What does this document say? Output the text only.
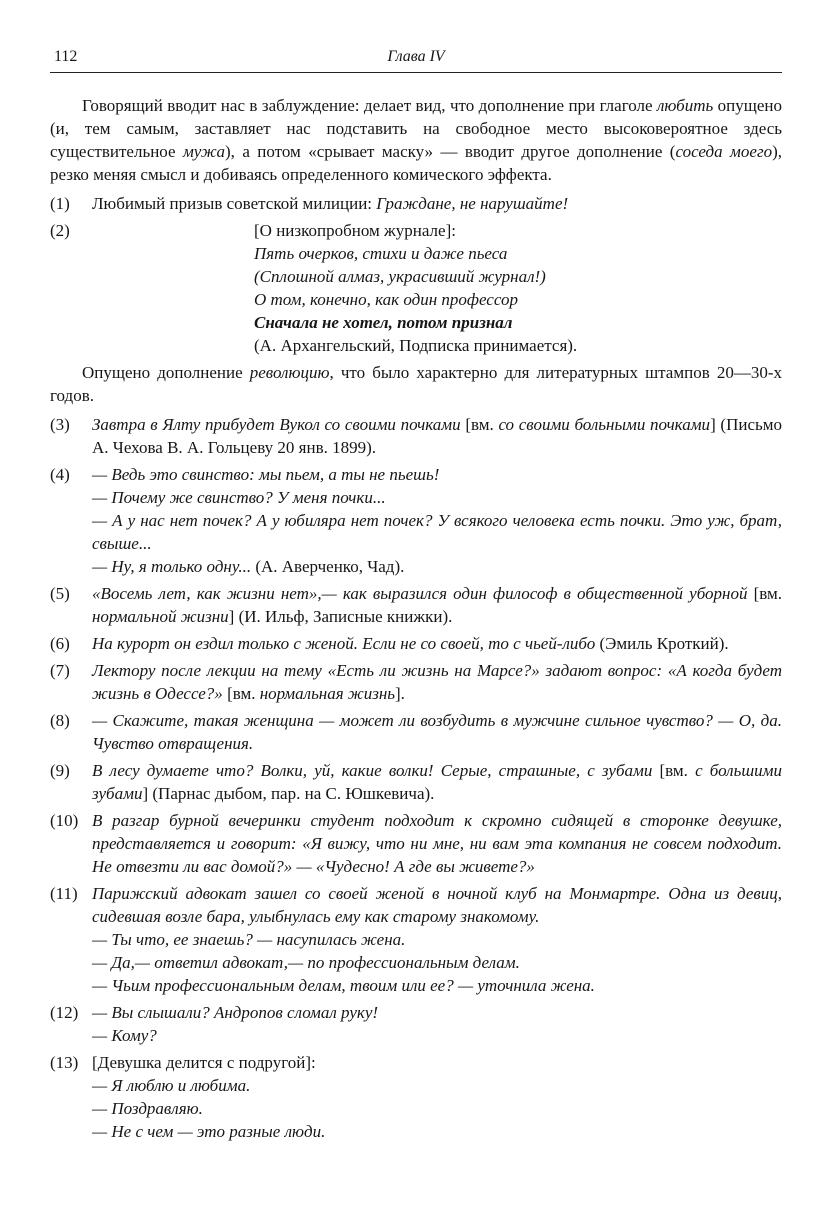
112	Глава IV

Говорящий вводит нас в заблуждение: делает вид, что дополнение при глаголе любить опущено (и, тем самым, заставляет нас подставить на свободное место высоковероятное здесь существительное мужа), а потом «срывает маску» — вводит другое дополнение (соседа моего), резко меняя смысл и добиваясь определенного комического эффекта.

(1)	Любимый призыв советской милиции: Граждане, не нарушайте!
(2)	[О низкопробном журнале]:
Пять очерков, стихи и даже пьеса
(Сплошной алмаз, украсивший журнал!)
О том, конечно, как один профессор
Сначала не хотел, потом признал
(А. Архангельский, Подписка принимается).

Опущено дополнение революцию, что было характерно для литературных штампов 20—30-х годов.

(3)	Завтра в Ялту прибудет Вукол со своими почками [вм. со своими больными почками] (Письмо А. Чехова В. А. Гольцеву 20 янв. 1899).
(4)	— Ведь это свинство: мы пьем, а ты не пьешь!
— Почему же свинство? У меня почки...
— А у нас нет почек? А у юбиляра нет почек? У всякого человека есть почки. Это уж, брат, свыше...
— Ну, я только одну... (А. Аверченко, Чад).
(5)	«Восемь лет, как жизни нет»,— как выразился один философ в общественной уборной [вм. нормальной жизни] (И. Ильф, Записные книжки).
(6)	На курорт он ездил только с женой. Если не со своей, то с чьей-либо (Эмиль Кроткий).
(7)	Лектору после лекции на тему «Есть ли жизнь на Марсе?» задают вопрос: «А когда будет жизнь в Одессе?» [вм. нормальная жизнь].
(8)	— Скажите, такая женщина — может ли возбудить в мужчине сильное чувство? — О, да. Чувство отвращения.
(9)	В лесу думаете что? Волки, уй, какие волки! Серые, страшные, с зубами [вм. с большими зубами] (Парнас дыбом, пар. на С. Юшкевича).
(10) В разгар бурной вечеринки студент подходит к скромно сидящей в сторонке девушке, представляется и говорит: «Я вижу, что ни мне, ни вам эта компания не совсем подходит. Не отвезти ли вас домой?» — «Чудесно! А где вы живете?»
(11) Парижский адвокат зашел со своей женой в ночной клуб на Монмартре. Одна из девиц, сидевшая возле бара, улыбнулась ему как старому знакомому.
— Ты что, ее знаешь? — насупилась жена.
— Да,— ответил адвокат,— по профессиональным делам.
— Чьим профессиональным делам, твоим или ее? — уточнила жена.
(12) — Вы слышали? Андропов сломал руку!
— Кому?
(13) [Девушка делится с подругой]:
— Я люблю и любима.
— Поздравляю.
— Не с чем — это разные люди.
